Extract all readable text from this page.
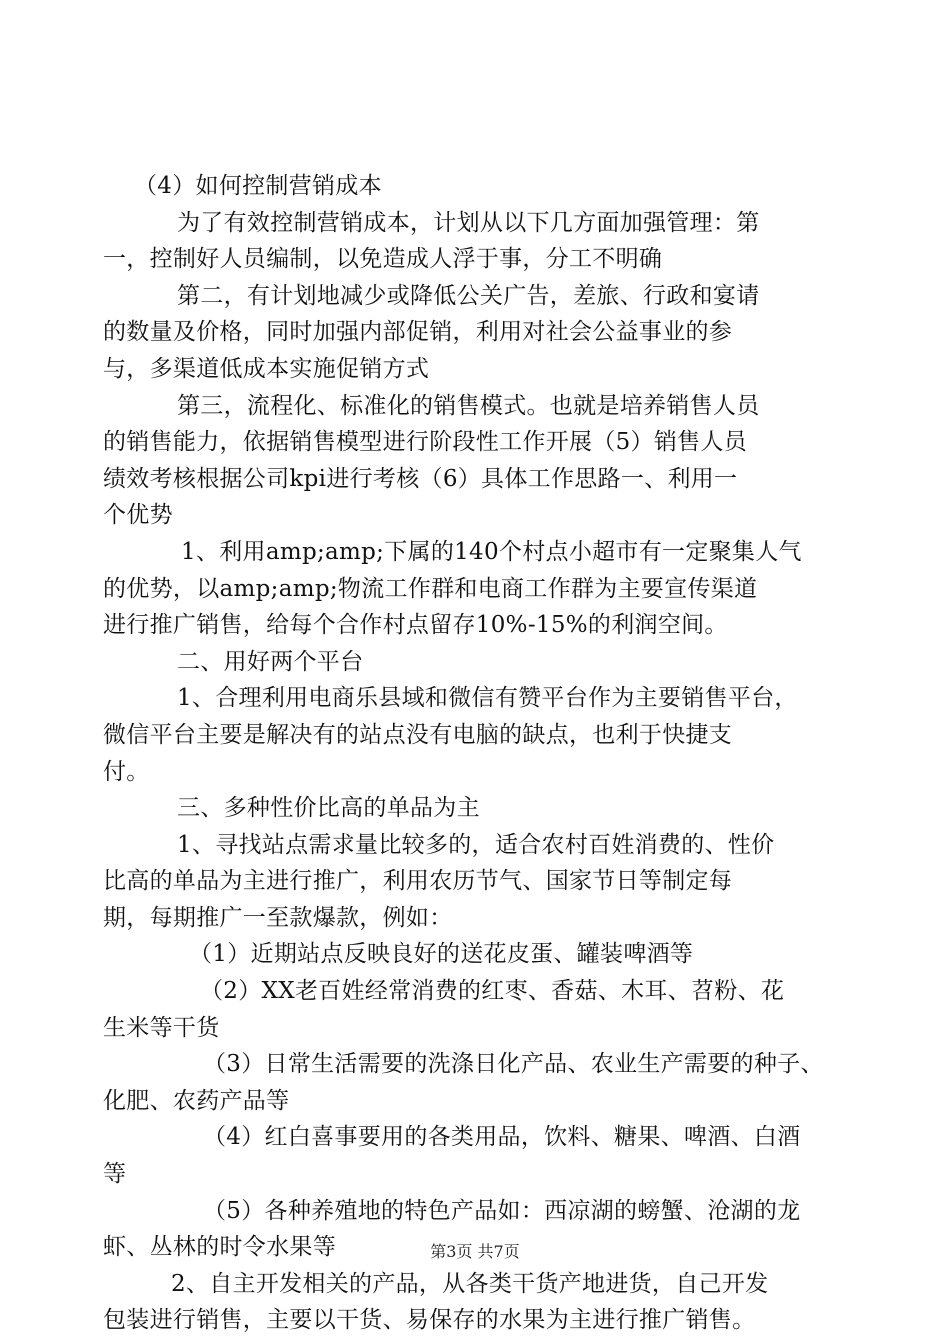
（4）如何控制营销成本
为了有效控制营销成本，计划从以下几方面加强管理：第
一，控制好人员编制，以免造成人浮于事，分工不明确
第二，有计划地减少或降低公关广告，差旅、行政和宴请
的数量及价格，同时加强内部促销，利用对社会公益事业的参
与，多渠道低成本实施促销方式
第三，流程化、标准化的销售模式。也就是培养销售人员
的销售能力，依据销售模型进行阶段性工作开展（5）销售人员
绩效考核根据公司kpi进行考核（6）具体工作思路一、利用一
个优势
1、利用amp;amp;下属的140个村点小超市有一定聚集人气
的优势，以amp;amp;物流工作群和电商工作群为主要宣传渠道
进行推广销售，给每个合作村点留存10%-15%的利润空间。
二、用好两个平台
1、合理利用电商乐县域和微信有赞平台作为主要销售平台，
微信平台主要是解决有的站点没有电脑的缺点，也利于快捷支
付。
三、多种性价比高的单品为主
1、寻找站点需求量比较多的，适合农村百姓消费的、性价
比高的单品为主进行推广，利用农历节气、国家节日等制定每
期，每期推广一至款爆款，例如：
（1）近期站点反映良好的送花皮蛋、罐装啤酒等
（2）XX老百姓经常消费的红枣、香菇、木耳、苕粉、花
生米等干货
（3）日常生活需要的洗涤日化产品、农业生产需要的种子、
化肥、农药产品等
（4）红白喜事要用的各类用品，饮料、糖果、啤酒、白酒
等
（5）各种养殖地的特色产品如：西凉湖的螃蟹、沧湖的龙
虾、丛林的时令水果等
2、自主开发相关的产品，从各类干货产地进货，自己开发
包装进行销售，主要以干货、易保存的水果为主进行推广销售。
第3页 共7页
